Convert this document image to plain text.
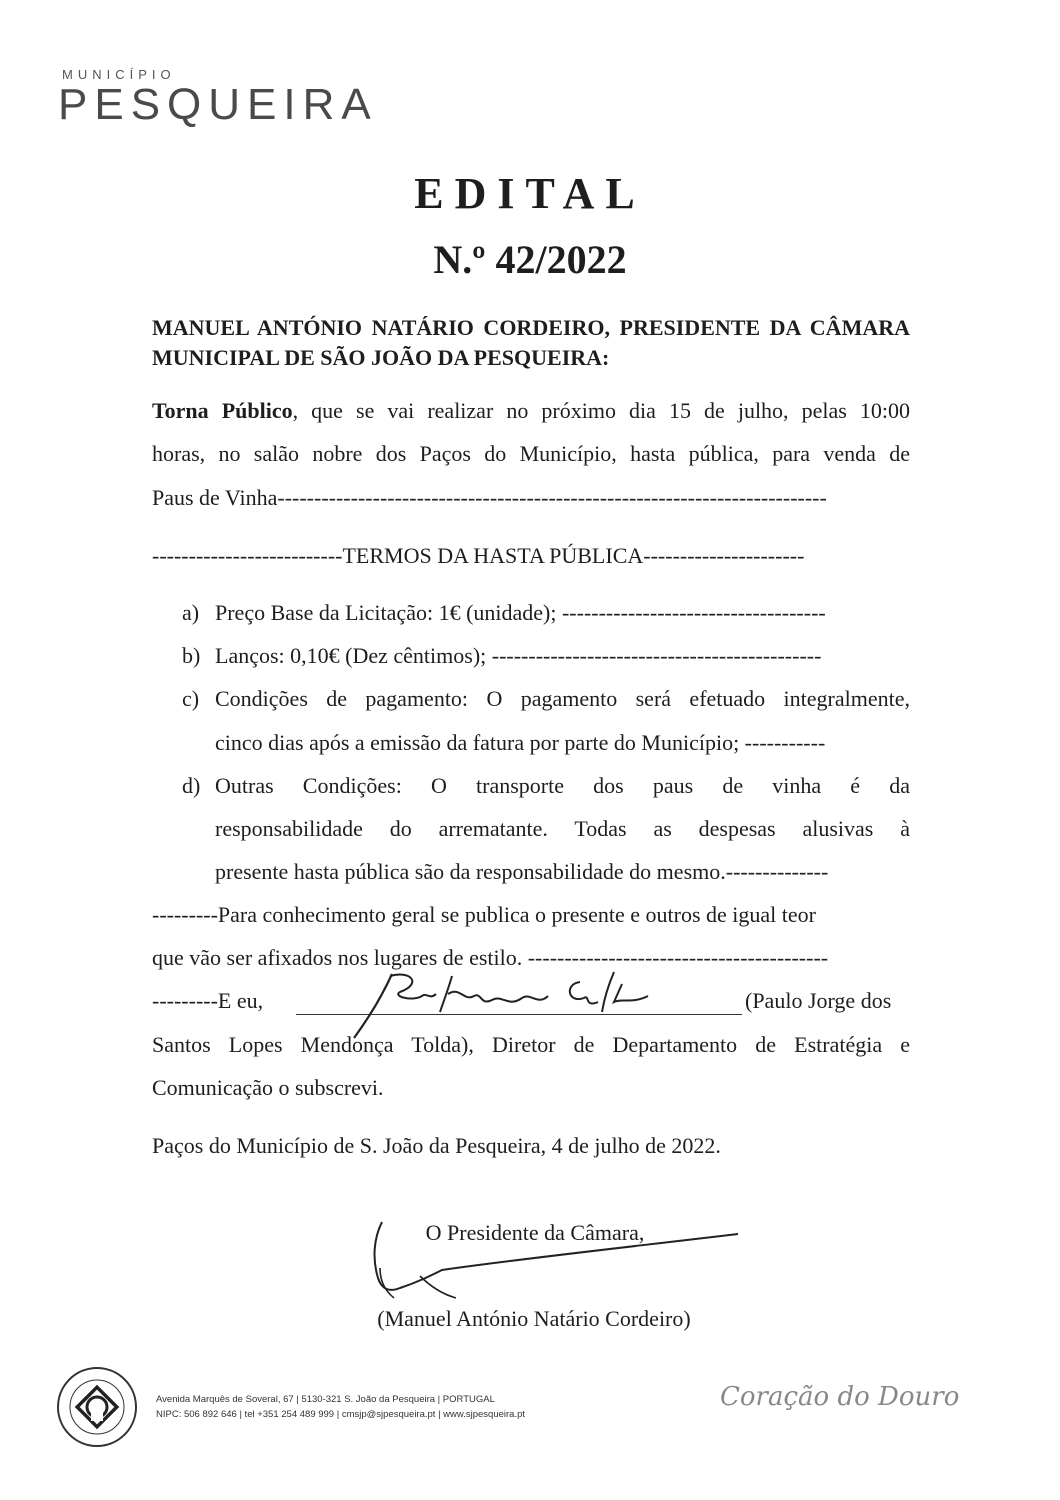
MUNICÍPIO
PESQUEIRA
EDITAL
N.º 42/2022
MANUEL ANTÓNIO NATÁRIO CORDEIRO, PRESIDENTE DA CÂMARA MUNICIPAL DE SÃO JOÃO DA PESQUEIRA:
Torna Público, que se vai realizar no próximo dia 15 de julho, pelas 10:00
horas, no salão nobre dos Paços do Município, hasta pública, para venda de
Paus de Vinha---------------------------------------------------------------------------
--------------------------TERMOS DA HASTA PÚBLICA----------------------
a) Preço Base da Licitação: 1€ (unidade); ------------------------------------
b) Lanços: 0,10€ (Dez cêntimos); ---------------------------------------------
c) Condições de pagamento: O pagamento será efetuado integralmente,
cinco dias após a emissão da fatura por parte do Município; -----------
d) Outras Condições: O transporte dos paus de vinha é da
responsabilidade do arrematante. Todas as despesas alusivas à
presente hasta pública são da responsabilidade do mesmo.--------------
---------Para conhecimento geral se publica o presente e outros de igual teor
que vão ser afixados nos lugares de estilo. -----------------------------------------
---------E eu,	(Paulo Jorge dos
Santos Lopes Mendonça Tolda), Diretor de Departamento de Estratégia e
Comunicação o subscrevi.
Paços do Município de S. João da Pesqueira, 4 de julho de 2022.
O Presidente da Câmara,
(Manuel António Natário Cordeiro)
Avenida Marquês de Soveral, 67 | 5130-321 S. João da Pesqueira | PORTUGAL
NIPC: 506 892 646 | tel +351 254 489 999 | cmsjp@sjpesqueira.pt | www.sjpesqueira.pt
Coração do Douro
